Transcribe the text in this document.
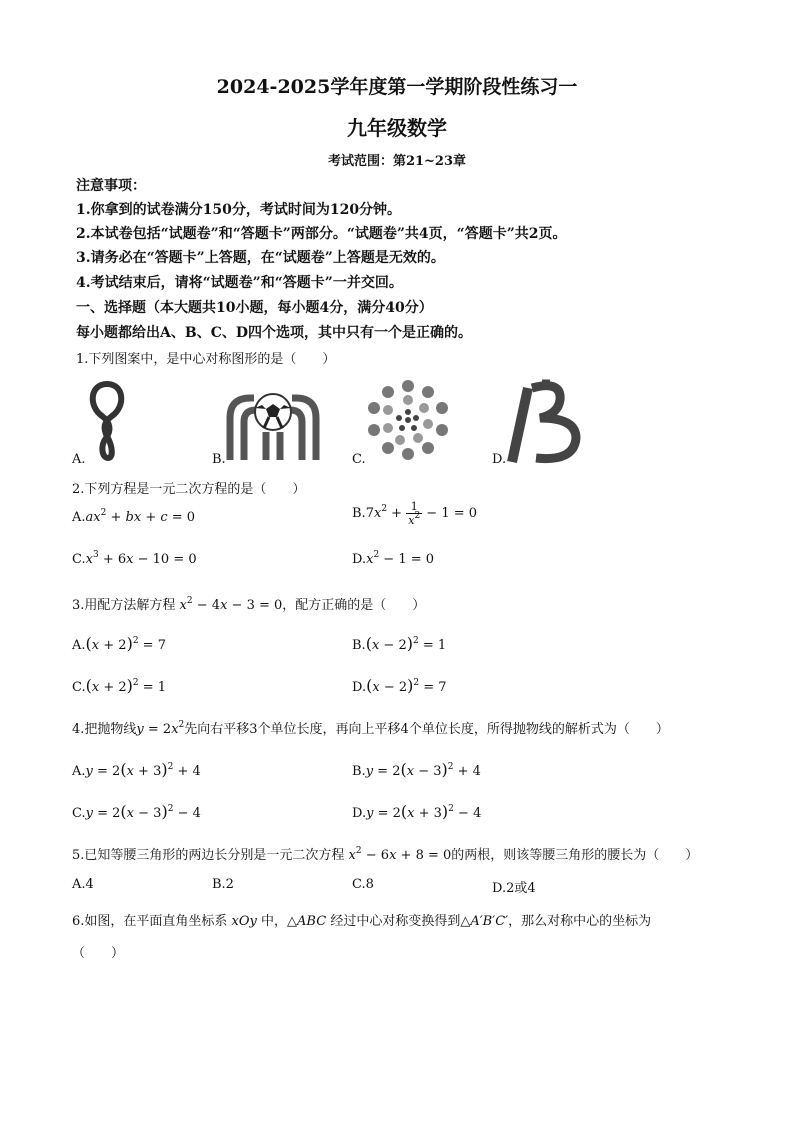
2024-2025学年度第一学期阶段性练习一
九年级数学
考试范围：第21~23章
注意事项：
1.你拿到的试卷满分150分，考试时间为120分钟。
2.本试卷包括“试题卷”和“答题卡”两部分。“试题卷”共4页，“答题卡”共2页。
3.请务必在“答题卡”上答题，在“试题卷”上答题是无效的。
4.考试结束后，请将“试题卷”和“答题卡”一并交回。
一、选择题（本大题共10小题，每小题4分，满分40分）
每小题都给出A、B、C、D四个选项，其中只有一个是正确的。
1.下列图案中，是中心对称图形的是（　　）
A.	B.	C.	D.
2.下列方程是一元二次方程的是（　　）
$A.ax^2$ + bx + c = 0	$B.7x^2 + \frac{1}{x^2} - 1 = 0$
$C.x^3 + 6x - 10 = 0$	$D.x^2 - 1 = 0$
3.用配方法解方程 $x^2 - 4x - 3 = 0$，配方正确的是（　　）
$A.(x + 2)^2 = 7$	$B.(x - 2)^2 = 1$
$C.(x + 2)^2 = 1$	$D.(x - 2)^2 = 7$
4.把抛物线$y = 2x^2$先向右平移3个单位长度，再向上平移4个单位长度，所得抛物线的解析式为（　　）
$A.y = 2(x + 3)^2 + 4$	$B.y = 2(x - 3)^2 + 4$
$C.y = 2(x - 3)^2 - 4$	$D.y = 2(x + 3)^2 - 4$
5.已知等腰三角形的两边长分别是一元二次方程 $x^2 - 6x + 8 = 0$的两根，则该等腰三角形的腰长为（　　）
A.4	B.2	C.8	D.2或4
6.如图，在平面直角坐标系 xOy 中，△ABC 经过中心对称变换得到△A′B′C′，那么对称中心的坐标为
（　　）
